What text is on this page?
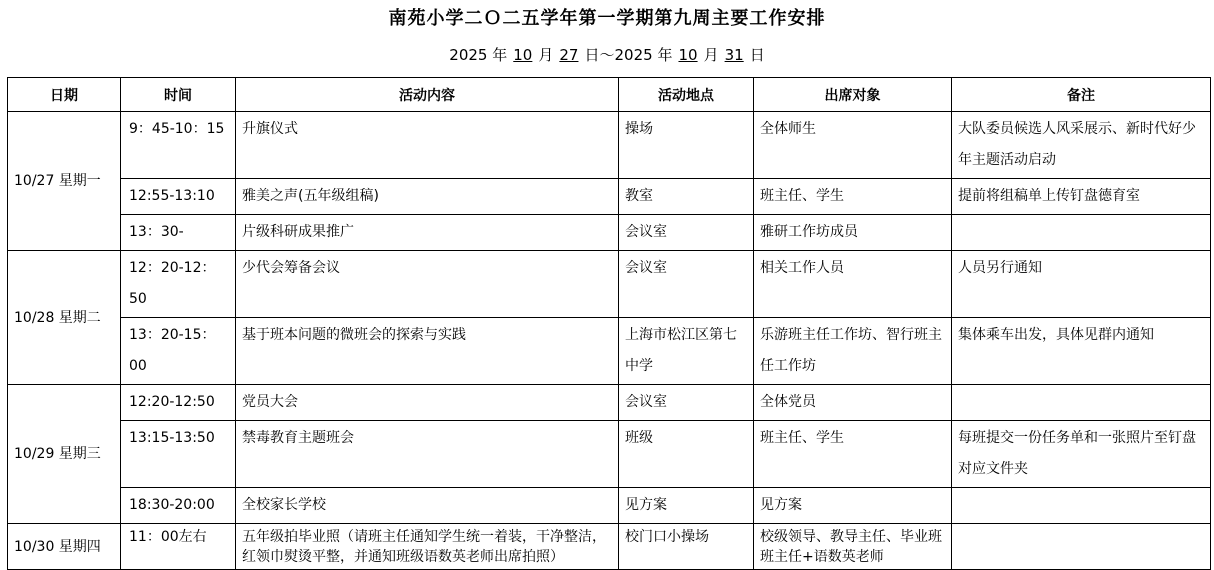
南苑小学二Ｏ二五学年第一学期第九周主要工作安排
2025 年 10 月 27 日～2025 年 10 月 31 日
日期	时间	活动内容	活动地点	出席对象	备注
10/27 星期一	9：45-10：15	升旗仪式	操场	全体师生	大队委员候选人风采展示、新时代好少年主题活动启动
	12:55-13:10	雅美之声(五年级组稿)	教室	班主任、学生	提前将组稿单上传钉盘德育室
	13：30-	片级科研成果推广	会议室	雅研工作坊成员	
10/28 星期二	12：20-12：50	少代会筹备会议	会议室	相关工作人员	人员另行通知
	13：20-15：00	基于班本问题的微班会的探索与实践	上海市松江区第七中学	乐游班主任工作坊、智行班主任工作坊	集体乘车出发，具体见群内通知
10/29 星期三	12:20-12:50	党员大会	会议室	全体党员	
	13:15-13:50	禁毒教育主题班会	班级	班主任、学生	每班提交一份任务单和一张照片至钉盘对应文件夹
	18:30-20:00	全校家长学校	见方案	见方案	
10/30 星期四	11：00左右	五年级拍毕业照（请班主任通知学生统一着装，干净整洁，红领巾熨烫平整，并通知班级语数英老师出席拍照）	校门口小操场	校级领导、教导主任、毕业班班主任+语数英老师	
